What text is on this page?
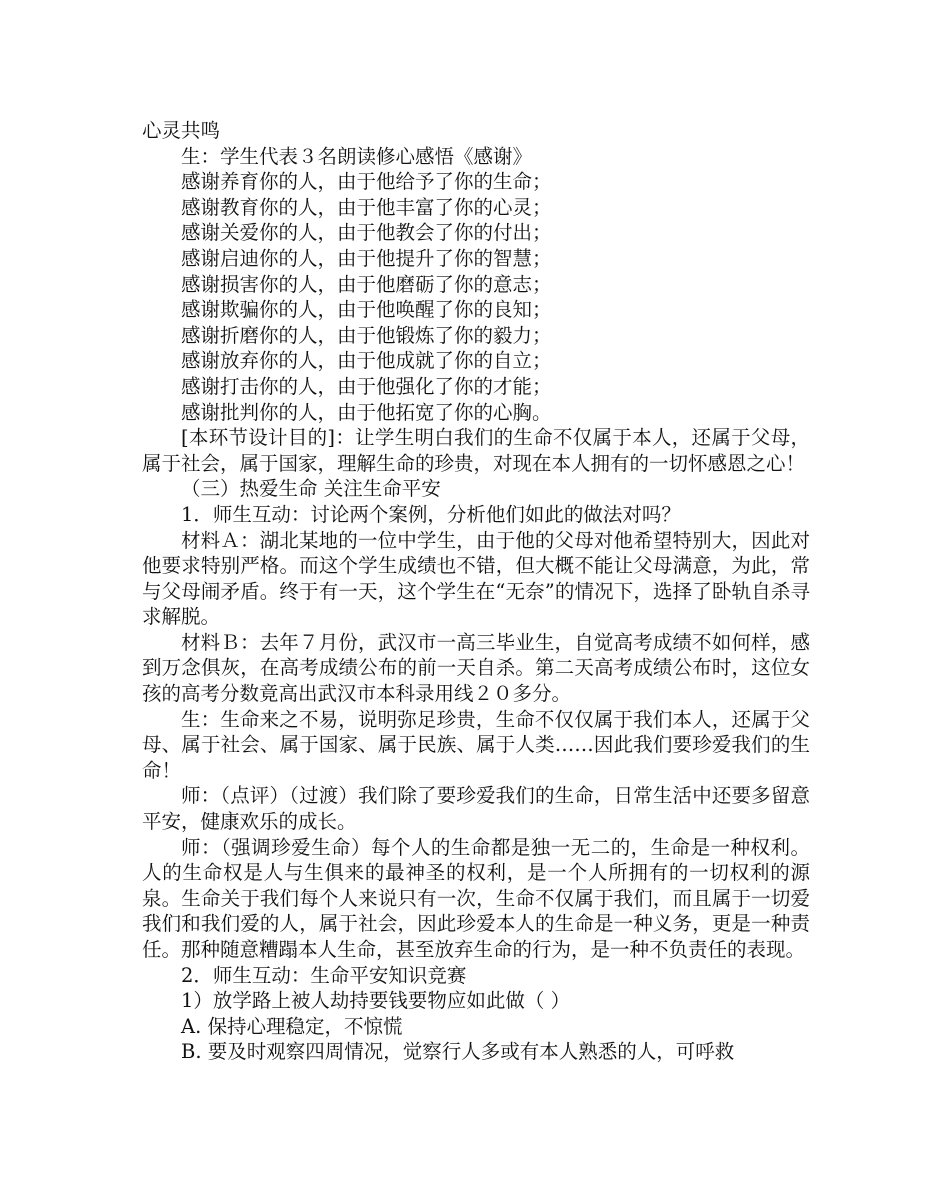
心灵共鸣

生：学生代表３名朗读修心感悟《感谢》

感谢养育你的人，由于他给予了你的生命；

感谢教育你的人，由于他丰富了你的心灵；

感谢关爱你的人，由于他教会了你的付出；

感谢启迪你的人，由于他提升了你的智慧；

感谢损害你的人，由于他磨砺了你的意志；

感谢欺骗你的人，由于他唤醒了你的良知；

感谢折磨你的人，由于他锻炼了你的毅力；

感谢放弃你的人，由于他成就了你的自立；

感谢打击你的人，由于他强化了你的才能；

感谢批判你的人，由于他拓宽了你的心胸。

[本环节设计目的]：让学生明白我们的生命不仅属于本人，还属于父母，属于社会，属于国家，理解生命的珍贵，对现在本人拥有的一切怀感恩之心！

（三）热爱生命 关注生命平安

1．师生互动：讨论两个案例，分析他们如此的做法对吗？

材料Ａ：湖北某地的一位中学生，由于他的父母对他希望特别大，因此对他要求特别严格。而这个学生成绩也不错，但大概不能让父母满意，为此，常与父母闹矛盾。终于有一天，这个学生在“无奈”的情况下，选择了卧轨自杀寻求解脱。

材料Ｂ：去年７月份，武汉市一高三毕业生，自觉高考成绩不如何样，感到万念俱灰，在高考成绩公布的前一天自杀。第二天高考成绩公布时，这位女孩的高考分数竟高出武汉市本科录用线２０多分。

生：生命来之不易，说明弥足珍贵，生命不仅仅属于我们本人，还属于父母、属于社会、属于国家、属于民族、属于人类……因此我们要珍爱我们的生命！

师：（点评）（过渡）我们除了要珍爱我们的生命，日常生活中还要多留意平安，健康欢乐的成长。

师：（强调珍爱生命）每个人的生命都是独一无二的，生命是一种权利。人的生命权是人与生俱来的最神圣的权利，是一个人所拥有的一切权利的源泉。生命关于我们每个人来说只有一次，生命不仅属于我们，而且属于一切爱我们和我们爱的人，属于社会，因此珍爱本人的生命是一种义务，更是一种责任。那种随意糟蹋本人生命，甚至放弃生命的行为，是一种不负责任的表现。

2．师生互动：生命平安知识竞赛

1）放学路上被人劫持要钱要物应如此做（ ）

A. 保持心理稳定，不惊慌

B. 要及时观察四周情况，觉察行人多或有本人熟悉的人，可呼救
